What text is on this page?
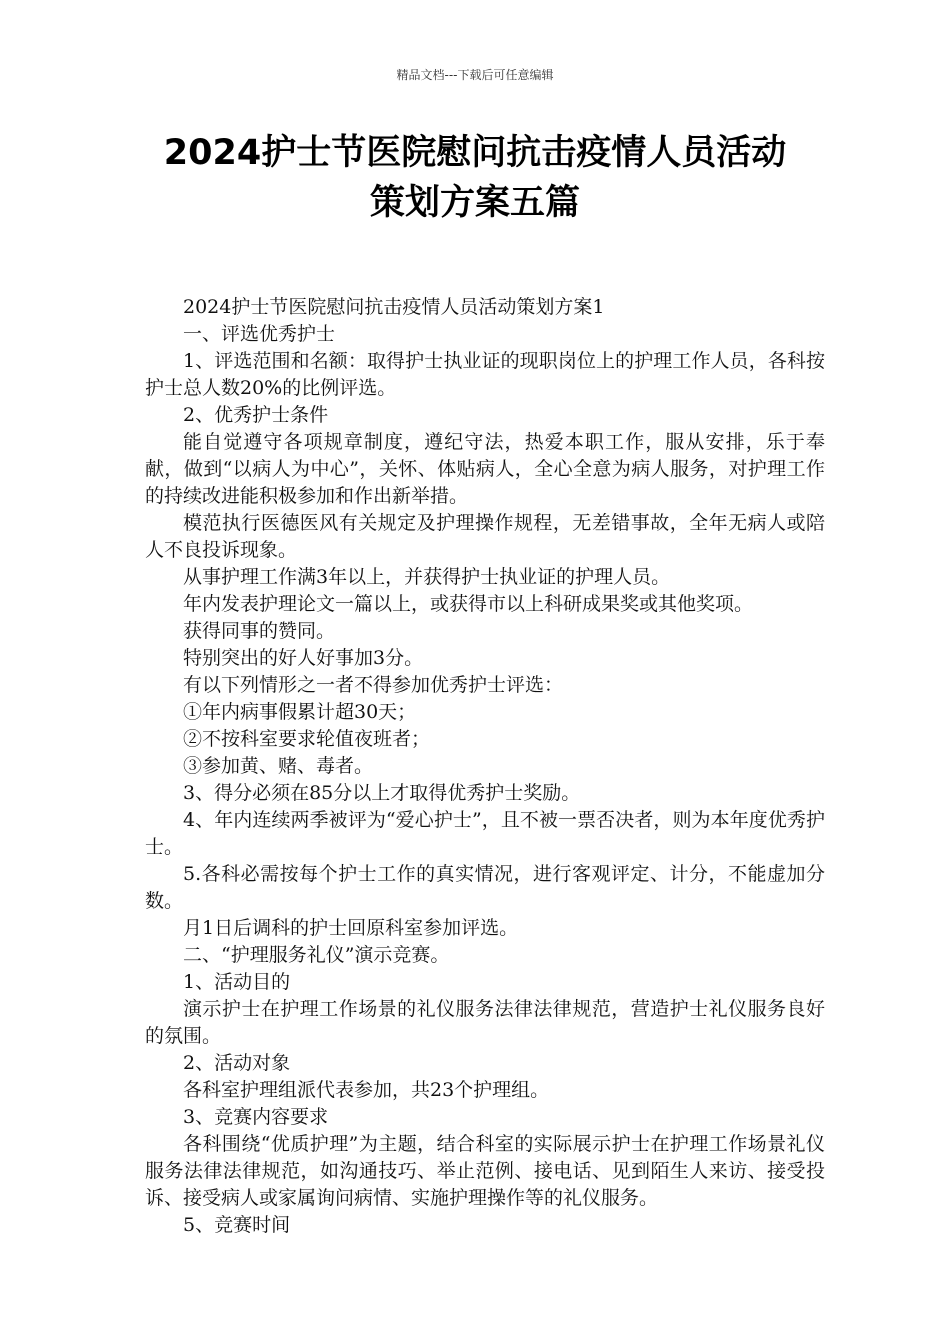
精品文档---下载后可任意编辑
2024护士节医院慰问抗击疫情人员活动
策划方案五篇

2024护士节医院慰问抗击疫情人员活动策划方案1

一、评选优秀护士

1、评选范围和名额：取得护士执业证的现职岗位上的护理工作人员，各科按护士总人数20%的比例评选。

2、优秀护士条件

能自觉遵守各项规章制度，遵纪守法，热爱本职工作，服从安排，乐于奉献，做到“以病人为中心”，关怀、体贴病人，全心全意为病人服务，对护理工作的持续改进能积极参加和作出新举措。

模范执行医德医风有关规定及护理操作规程，无差错事故，全年无病人或陪人不良投诉现象。

从事护理工作满3年以上，并获得护士执业证的护理人员。

年内发表护理论文一篇以上，或获得市以上科研成果奖或其他奖项。

获得同事的赞同。

特别突出的好人好事加3分。

有以下列情形之一者不得参加优秀护士评选：

①年内病事假累计超30天；

②不按科室要求轮值夜班者；

③参加黄、赌、毒者。

3、得分必须在85分以上才取得优秀护士奖励。

4、年内连续两季被评为“爱心护士”，且不被一票否决者，则为本年度优秀护士。

5.各科必需按每个护士工作的真实情况，进行客观评定、计分，不能虚加分数。

月1日后调科的护士回原科室参加评选。

二、“护理服务礼仪”演示竞赛。

1、活动目的

演示护士在护理工作场景的礼仪服务法律法律规范，营造护士礼仪服务良好的氛围。

2、活动对象

各科室护理组派代表参加，共23个护理组。

3、竞赛内容要求

各科围绕“优质护理”为主题，结合科室的实际展示护士在护理工作场景礼仪服务法律法律规范，如沟通技巧、举止范例、接电话、见到陌生人来访、接受投诉、接受病人或家属询问病情、实施护理操作等的礼仪服务。

5、竞赛时间
